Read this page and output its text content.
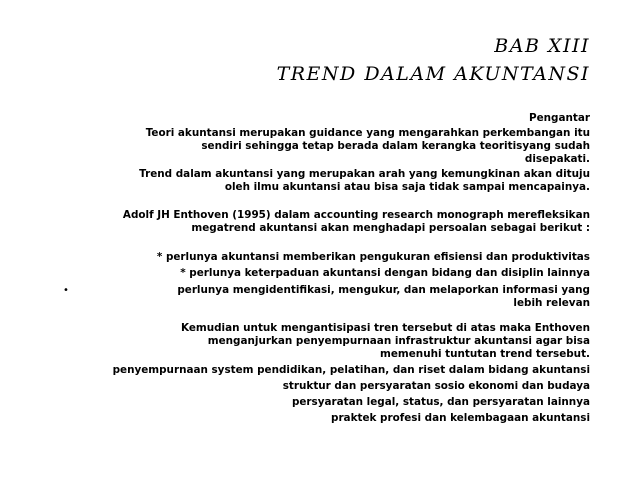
BAB XIII
TREND DALAM AKUNTANSI
Pengantar
Teori akuntansi merupakan guidance yang mengarahkan perkembangan itu
sendiri sehingga tetap berada dalam kerangka teoritisyang sudah
disepakati.
Trend dalam akuntansi yang merupakan arah yang kemungkinan akan dituju
oleh ilmu akuntansi atau bisa saja tidak sampai mencapainya.
Adolf JH Enthoven (1995) dalam accounting research monograph merefleksikan
megatrend akuntansi akan menghadapi persoalan sebagai berikut :
* perlunya akuntansi memberikan pengukuran efisiensi dan produktivitas
* perlunya keterpaduan akuntansi dengan bidang dan disiplin lainnya
•	perlunya mengidentifikasi, mengukur, dan melaporkan informasi yang
lebih relevan
Kemudian untuk mengantisipasi tren tersebut di atas maka Enthoven
menganjurkan penyempurnaan infrastruktur akuntansi agar bisa
memenuhi tuntutan trend tersebut.
penyempurnaan system pendidikan, pelatihan, dan riset dalam bidang akuntansi
struktur dan persyaratan sosio ekonomi dan budaya
persyaratan legal, status, dan persyaratan lainnya
praktek profesi dan kelembagaan akuntansi
